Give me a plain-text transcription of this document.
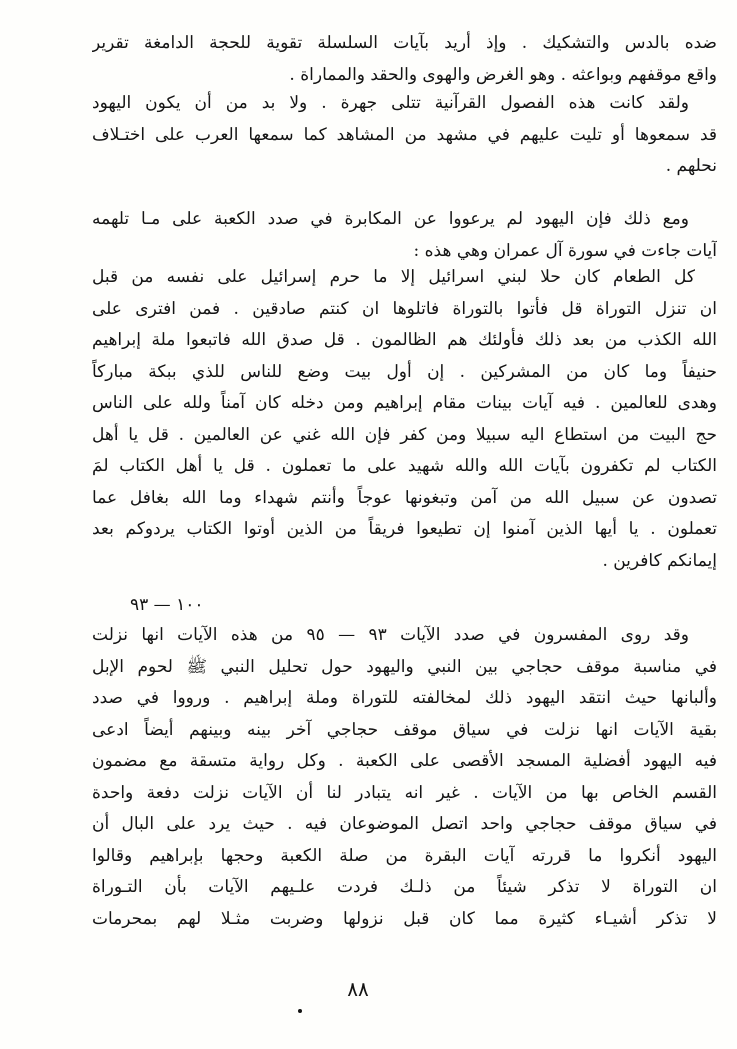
ضده بالدس والتشكيك . وإذ أريد بآيات السلسلة تقوية للحجة الدامغة تقرير
واقع موقفهم وبواعثه . وهو الغرض والهوى والحقد والمماراة .
ولقد كانت هذه الفصول القرآنية تتلى جهرة . ولا بد من أن يكون اليهود
قد سمعوها أو تليت عليهم في مشهد من المشاهد كما سمعها العرب على اختـلاف
نحلهم .
ومع ذلك فإن اليهود لم يرعووا عن المكابرة في صدد الكعبة على مـا تلهمه
آيات جاءت في سورة آل عمران وهي هذه :
كل الطعام كان حلا لبني اسرائيل إلا ما حرم إسرائيل على نفسه من قبل
ان تنزل التوراة قل فأتوا بالتوراة فاتلوها ان كنتم صادقين . فمن افترى على
الله الكذب من بعد ذلك فأولئك هم الظالمون . قل صدق الله فاتبعوا ملة إبراهيم
حنيفاً وما كان من المشركين . إن أول بيت وضع للناس للذي ببكة مباركاً
وهدى للعالمين . فيه آيات بينات مقام إبراهيم ومن دخله كان آمناً ولله على الناس
حج البيت من استطاع اليه سبيلا ومن كفر فإن الله غني عن العالمين . قل يا أهل
الكتاب لم تكفرون بآيات الله والله شهيد على ما تعملون . قل يا أهل الكتاب لمَ
تصدون عن سبيل الله من آمن وتبغونها عوجاً وأنتم شهداء وما الله بغافل عما
تعملون . يا أيها الذين آمنوا إن تطيعوا فريقاً من الذين أوتوا الكتاب يردوكم بعد
إيمانكم كافرين .
١٠٠ — ٩٣
وقد روى المفسرون في صدد الآيات ٩٣ — ٩٥ من هذه الآيات انها نزلت
في مناسبة موقف حجاجي بين النبي واليهود حول تحليل النبي ﷺ لحوم الإبل
وألبانها حيث انتقد اليهود ذلك لمخالفته للتوراة وملة إبراهيم . ورووا في صدد
بقية الآيات انها نزلت في سياق موقف حجاجي آخر بينه وبينهم أيضاً ادعى
فيه اليهود أفضلية المسجد الأقصى على الكعبة . وكل رواية متسقة مع مضمون
القسم الخاص بها من الآيات . غير انه يتبادر لنا أن الآيات نزلت دفعة واحدة
في سياق موقف حجاجي واحد اتصل الموضوعان فيه . حيث يرد على البال أن
اليهود أنكروا ما قررته آيات البقرة من صلة الكعبة وحجها بإبراهيم وقالوا
ان التوراة لا تذكر شيئاً من ذلـك فردت علـيهم الآيات بأن التـوراة
لا تذكر أشيـاء كثيرة مما كان قبل نزولها وضربت مثـلا لهم بمحرمات
٨٨
